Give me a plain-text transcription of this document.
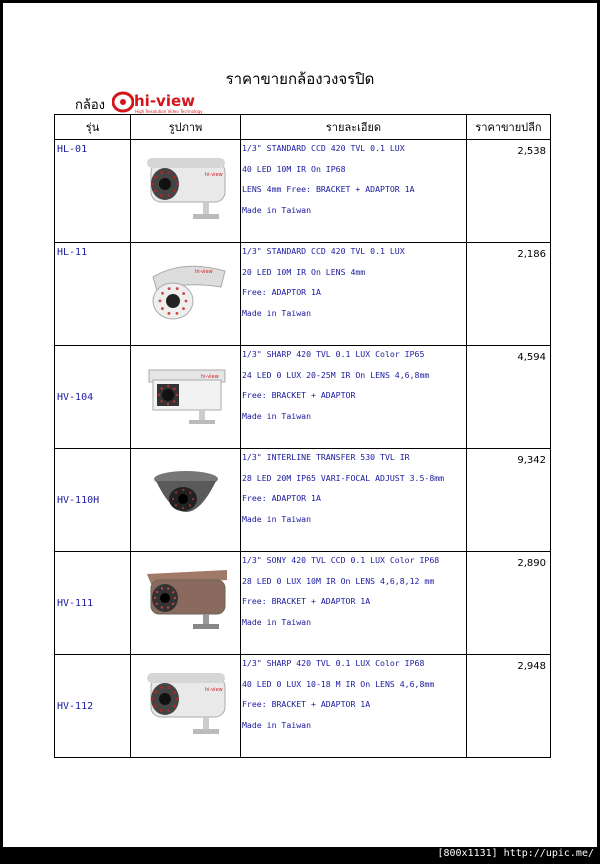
ราคาขายกล้องวงจรปิด
กล้อง hi-view
High Resolution Video Technology
รุ่น	รูปภาพ	รายละเอียด	ราคาขายปลีก
HL-01	hi-view	1/3" STANDARD CCD 420 TVL 0.1 LUX
40 LED 10M IR On IP68
LENS 4mm Free: BRACKET + ADAPTOR 1A
Made in Taiwan	2,538
HL-11	hi-view	1/3" STANDARD CCD 420 TVL 0.1 LUX
20 LED 10M IR On LENS 4mm
Free: ADAPTOR 1A
Made in Taiwan	2,186
HV-104	hi-view	1/3" SHARP 420 TVL 0.1 LUX Color IP65
24 LED 0 LUX 20-25M IR On LENS 4,6,8mm
Free: BRACKET + ADAPTOR
Made in Taiwan	4,594
HV-110H		1/3" INTERLINE TRANSFER 530 TVL IR
28 LED 20M IP65 VARI-FOCAL ADJUST 3.5-8mm
Free: ADAPTOR 1A
Made in Taiwan	9,342
HV-111		1/3" SONY 420 TVL CCD 0.1 LUX Color IP68
28 LED 0 LUX 10M IR On LENS 4,6,8,12 mm
Free: BRACKET + ADAPTOR 1A
Made in Taiwan	2,890
HV-112	hi-view	1/3" SHARP 420 TVL 0.1 LUX Color IP68
40 LED 0 LUX 10-18 M IR On LENS 4,6,8mm
Free: BRACKET + ADAPTOR 1A
Made in Taiwan	2,948
[800x1131] http://upic.me/
